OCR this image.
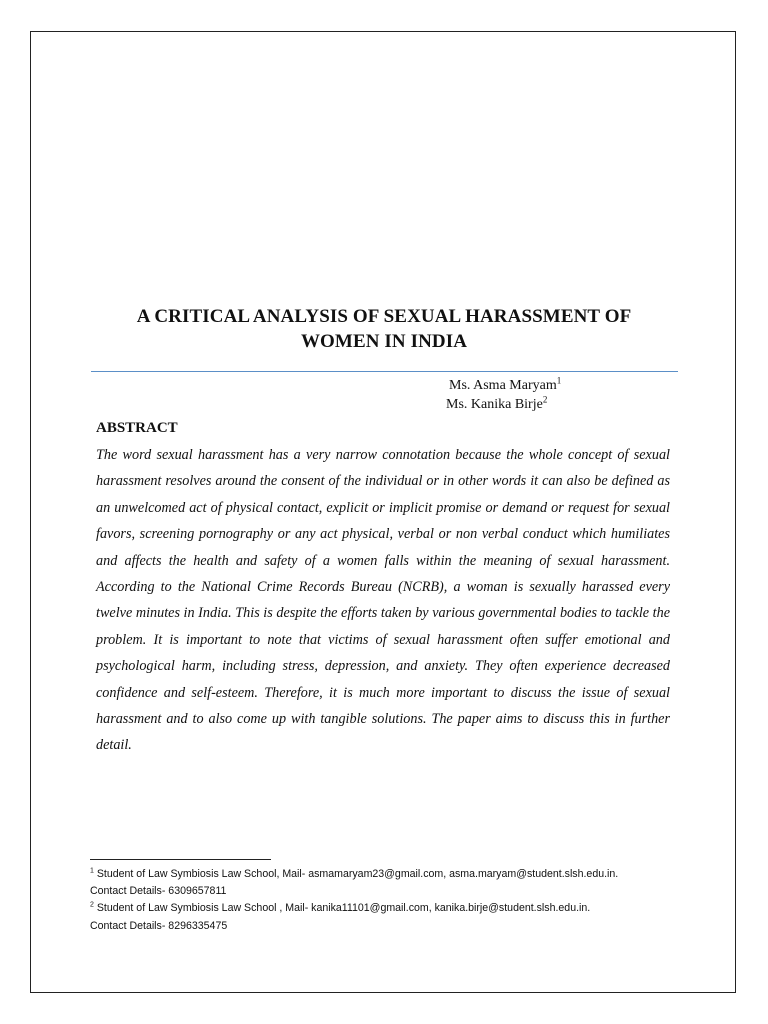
A CRITICAL ANALYSIS OF SEXUAL HARASSMENT OF
WOMEN IN INDIA
Ms. Asma Maryam$^1$
Ms. Kanika Birje$^2$
ABSTRACT
The word sexual harassment has a very narrow connotation because the whole concept of sexual harassment resolves around the consent of the individual or in other words it can also be defined as an unwelcomed act of physical contact, explicit or implicit promise or demand or request for sexual favors, screening pornography or any act physical, verbal or non verbal conduct which humiliates and affects the health and safety of a women falls within the meaning of sexual harassment. According to the National Crime Records Bureau (NCRB), a woman is sexually harassed every twelve minutes in India. This is despite the efforts taken by various governmental bodies to tackle the problem. It is important to note that victims of sexual harassment often suffer emotional and psychological harm, including stress, depression, and anxiety. They often experience decreased confidence and self-esteem. Therefore, it is much more important to discuss the issue of sexual harassment and to also come up with tangible solutions. The paper aims to discuss this in further detail.
$^1$ Student of Law Symbiosis Law School, Mail- asmamaryam23@gmail.com, asma.maryam@student.slsh.edu.in.
Contact Details- 6309657811
$^2$ Student of Law Symbiosis Law School , Mail- kanika11101@gmail.com, kanika.birje@student.slsh.edu.in.
Contact Details- 8296335475
